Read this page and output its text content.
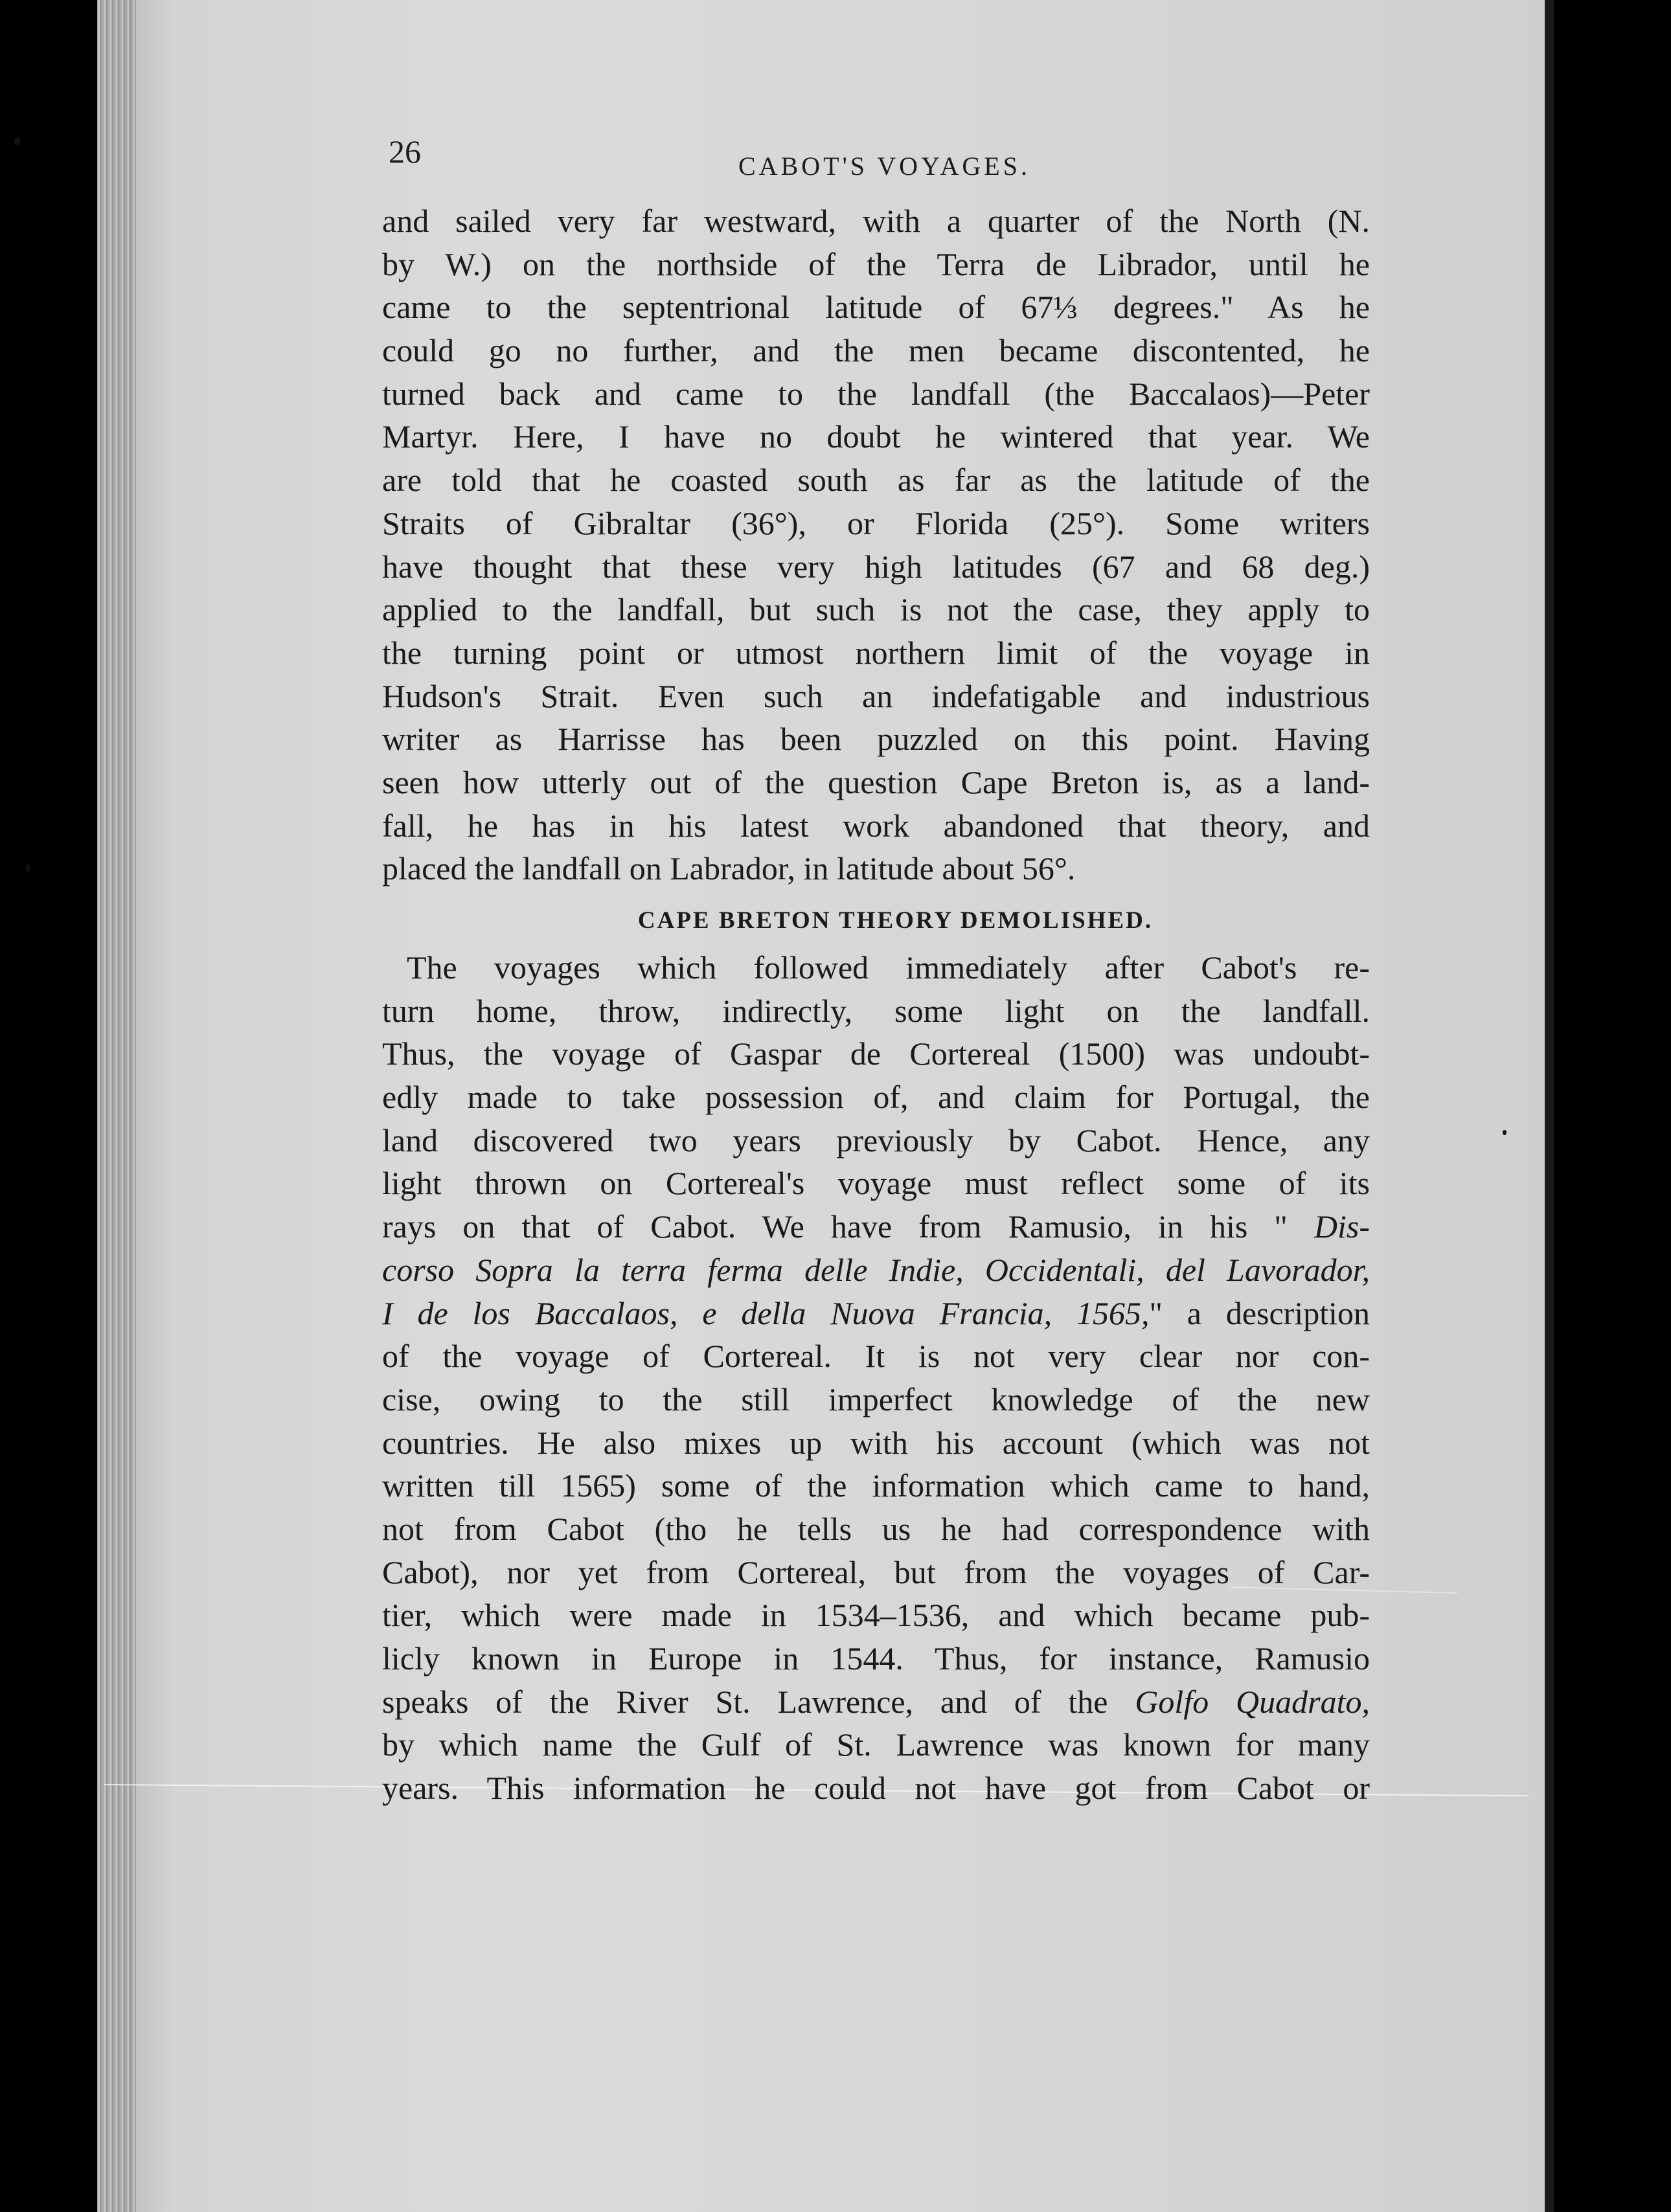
26	CABOT'S VOYAGES.
and sailed very far westward, with a quarter of the North (N.
by W.) on the northside of the Terra de Librador, until he
came to the septentrional latitude of 67⅓ degrees." As he
could go no further, and the men became discontented, he
turned back and came to the landfall (the Baccalaos)—Peter
Martyr. Here, I have no doubt he wintered that year. We
are told that he coasted south as far as the latitude of the
Straits of Gibraltar (36°), or Florida (25°). Some writers
have thought that these very high latitudes (67 and 68 deg.)
applied to the landfall, but such is not the case, they apply to
the turning point or utmost northern limit of the voyage in
Hudson's Strait. Even such an indefatigable and industrious
writer as Harrisse has been puzzled on this point. Having
seen how utterly out of the question Cape Breton is, as a land-
fall, he has in his latest work abandoned that theory, and
placed the landfall on Labrador, in latitude about 56°.
CAPE BRETON THEORY DEMOLISHED.
The voyages which followed immediately after Cabot's re-
turn home, throw, indirectly, some light on the landfall.
Thus, the voyage of Gaspar de Cortereal (1500) was undoubt-
edly made to take possession of, and claim for Portugal, the
land discovered two years previously by Cabot. Hence, any
light thrown on Cortereal's voyage must reflect some of its
rays on that of Cabot. We have from Ramusio, in his " Dis-
corso Sopra la terra ferma delle Indie, Occidentali, del Lavorador,
I de los Baccalaos, e della Nuova Francia, 1565," a description
of the voyage of Cortereal. It is not very clear nor con-
cise, owing to the still imperfect knowledge of the new
countries. He also mixes up with his account (which was not
written till 1565) some of the information which came to hand,
not from Cabot (tho he tells us he had correspondence with
Cabot), nor yet from Cortereal, but from the voyages of Car-
tier, which were made in 1534–1536, and which became pub-
licly known in Europe in 1544. Thus, for instance, Ramusio
speaks of the River St. Lawrence, and of the Golfo Quadrato,
by which name the Gulf of St. Lawrence was known for many
years. This information he could not have got from Cabot or
